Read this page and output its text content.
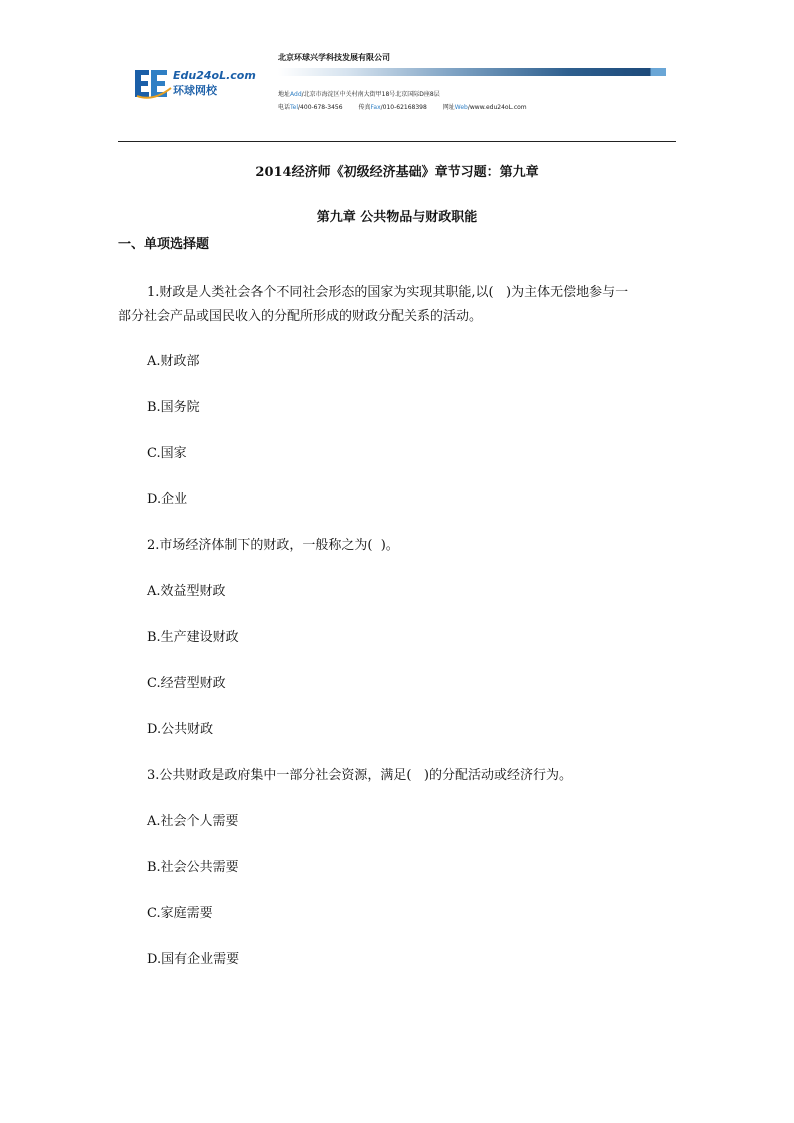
Edu24oL.com
环球网校
北京环球兴学科技发展有限公司
地址Add/北京市海淀区中关村南大街甲18号北京国际D座8层
电话Tel/400-678-3456	传真Fax/010-62168398	网址Web/www.edu24oL.com
2014经济师《初级经济基础》章节习题：第九章
第九章 公共物品与财政职能
一、单项选择题
1.财政是人类社会各个不同社会形态的国家为实现其职能,以(   )为主体无偿地参与一
部分社会产品或国民收入的分配所形成的财政分配关系的活动。
A.财政部
B.国务院
C.国家
D.企业
2.市场经济体制下的财政，一般称之为(  )。
A.效益型财政
B.生产建设财政
C.经营型财政
D.公共财政
3.公共财政是政府集中一部分社会资源，满足(   )的分配活动或经济行为。
A.社会个人需要
B.社会公共需要
C.家庭需要
D.国有企业需要
